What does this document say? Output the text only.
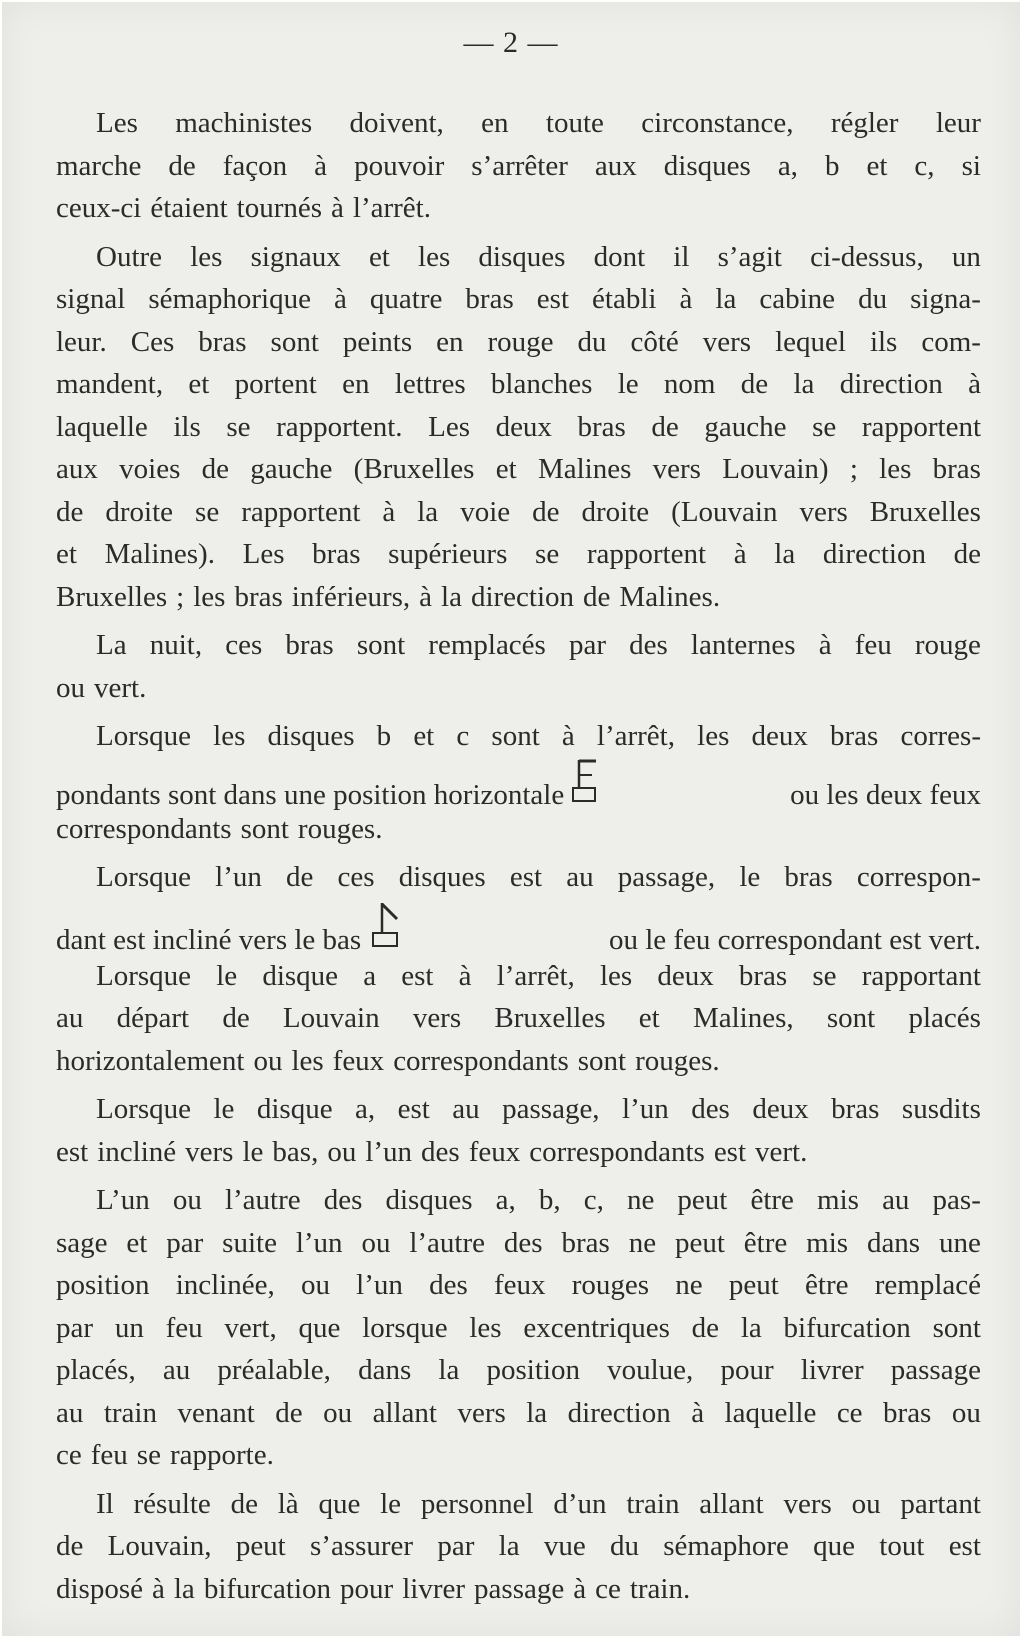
— 2 —
Les machinistes doivent, en toute circonstance, régler leur
marche de façon à pouvoir s’arrêter aux disques a, b et c, si
ceux-ci étaient tournés à l’arrêt.
Outre les signaux et les disques dont il s’agit ci-dessus, un
signal sémaphorique à quatre bras est établi à la cabine du signa-
leur. Ces bras sont peints en rouge du côté vers lequel ils com-
mandent, et portent en lettres blanches le nom de la direction à
laquelle ils se rapportent. Les deux bras de gauche se rapportent
aux voies de gauche (Bruxelles et Malines vers Louvain) ; les bras
de droite se rapportent à la voie de droite (Louvain vers Bruxelles
et Malines). Les bras supérieurs se rapportent à la direction de
Bruxelles ; les bras inférieurs, à la direction de Malines.
La nuit, ces bras sont remplacés par des lanternes à feu rouge
ou vert.
Lorsque les disques b et c sont à l’arrêt, les deux bras corres-
pondants sont dans une position horizontale	ou les deux feux
correspondants sont rouges.
Lorsque l’un de ces disques est au passage, le bras correspon-
dant est incliné vers le bas	ou le feu correspondant est vert.
Lorsque le disque a est à l’arrêt, les deux bras se rapportant
au départ de Louvain vers Bruxelles et Malines, sont placés
horizontalement ou les feux correspondants sont rouges.
Lorsque le disque a, est au passage, l’un des deux bras susdits
est incliné vers le bas, ou l’un des feux correspondants est vert.
L’un ou l’autre des disques a, b, c, ne peut être mis au pas-
sage et par suite l’un ou l’autre des bras ne peut être mis dans une
position inclinée, ou l’un des feux rouges ne peut être remplacé
par un feu vert, que lorsque les excentriques de la bifurcation sont
placés, au préalable, dans la position voulue, pour livrer passage
au train venant de ou allant vers la direction à laquelle ce bras ou
ce feu se rapporte.
Il résulte de là que le personnel d’un train allant vers ou partant
de Louvain, peut s’assurer par la vue du sémaphore que tout est
disposé à la bifurcation pour livrer passage à ce train.
